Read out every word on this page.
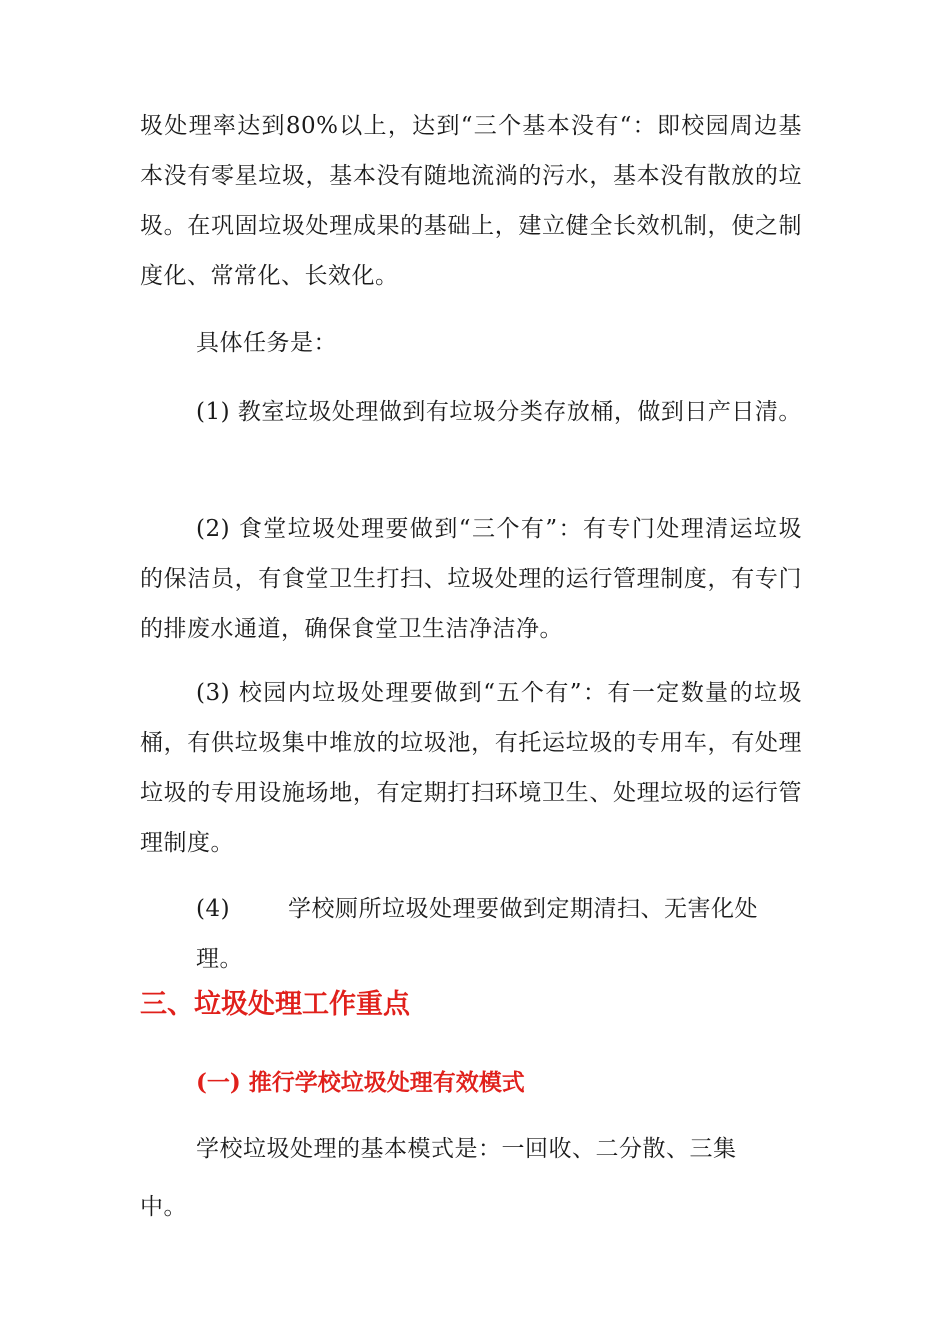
圾处理率达到80%以上，达到“三个基本没有“：即校园周边基本没有零星垃圾，基本没有随地流淌的污水，基本没有散放的垃圾。在巩固垃圾处理成果的基础上，建立健全长效机制，使之制度化、常常化、长效化。

具体任务是：

(1) 教室垃圾处理做到有垃圾分类存放桶，做到日产日清。

(2) 食堂垃圾处理要做到“三个有”：有专门处理清运垃圾的保洁员，有食堂卫生打扫、垃圾处理的运行管理制度，有专门的排废水通道，确保食堂卫生洁净洁净。

(3) 校园内垃圾处理要做到“五个有”：有一定数量的垃圾桶，有供垃圾集中堆放的垃圾池，有托运垃圾的专用车，有处理垃圾的专用设施场地，有定期打扫环境卫生、处理垃圾的运行管理制度。

(4)	学校厕所垃圾处理要做到定期清扫、无害化处
理。
三、垃圾处理工作重点
(一) 推行学校垃圾处理有效模式

学校垃圾处理的基本模式是：一回收、二分散、三集

中。
